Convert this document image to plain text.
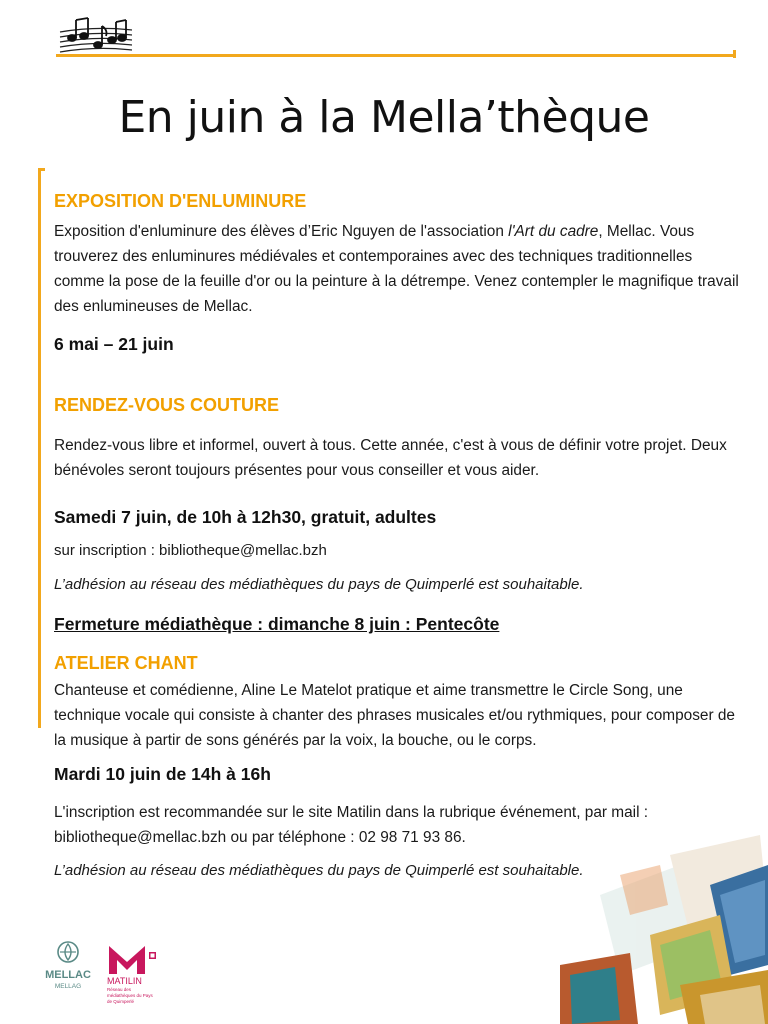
En juin à la Mella’thèque
EXPOSITION D'ENLUMINURE
Exposition d'enluminure des élèves d’Eric Nguyen de l'association l'Art du cadre, Mellac. Vous trouverez des enluminures médiévales et contemporaines avec des techniques traditionnelles comme la pose de la feuille d'or ou la peinture à la détrempe. Venez contempler le magnifique travail des enlumineuses de Mellac.
6 mai – 21 juin
RENDEZ-VOUS COUTURE
Rendez-vous libre et informel, ouvert à tous. Cette année, c'est à vous de définir votre projet. Deux bénévoles seront toujours présentes pour vous conseiller et vous aider.
Samedi 7 juin, de 10h à 12h30, gratuit, adultes
sur inscription : bibliotheque@mellac.bzh
L’adhésion au réseau des médiathèques du pays de Quimperlé est souhaitable.
Fermeture médiathèque : dimanche 8 juin : Pentecôte
ATELIER CHANT
Chanteuse et comédienne, Aline Le Matelot pratique et aime transmettre le Circle Song, une technique vocale qui consiste à chanter des phrases musicales et/ou rythmiques, pour composer de la musique à partir de sons générés par la voix, la bouche, ou le corps.
Mardi 10 juin de 14h à 16h
L'inscription est recommandée sur le site Matilin dans la rubrique événement, par mail : bibliotheque@mellac.bzh ou par téléphone : 02 98 71 93 86.
L’adhésion au réseau des médiathèques du pays de Quimperlé est souhaitable.
MELLAC
MELLAG
MATILIN
Réseau des médiathèques du Pays de Quimperlé
